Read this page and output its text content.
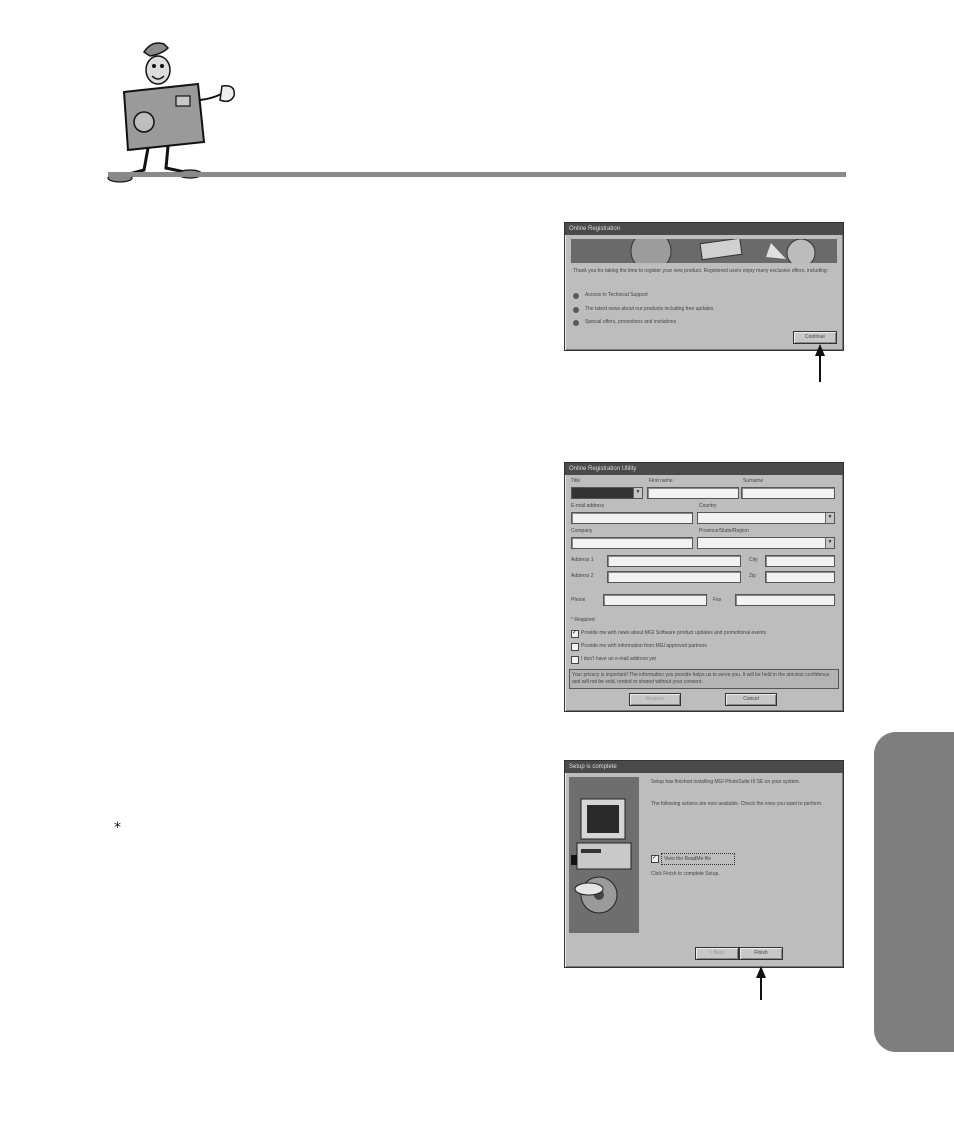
Online Registration
Thank you for taking the time to register your new product. Registered users enjoy many exclusive offers, including:
Access to Technical Support
The latest news about our products including free updates
Special offers, promotions and invitations
Continue
Online Registration Utility
Title	First name	Surname
▼
E-mail address	Country
▼
Company	Province/State/Region
▼
Address 1	City
Address 2	Zip
Phone	Fax
* Required
✓ Provide me with news about MGI Software product updates and promotional events
Provide me with information from MGI approved partners
I don't have an e-mail address yet
Your privacy is important! The information you provide helps us to serve you. It will be held in the strictest confidence and will not be sold, rented or shared without your consent.
Register	Cancel
Setup is complete
Setup has finished installing MGI PhotoSuite III SE on your system.
The following actions are now available. Check the ones you want to perform.
✓	View the ReadMe file
Click Finish to complete Setup.
< Back	Finish
*
